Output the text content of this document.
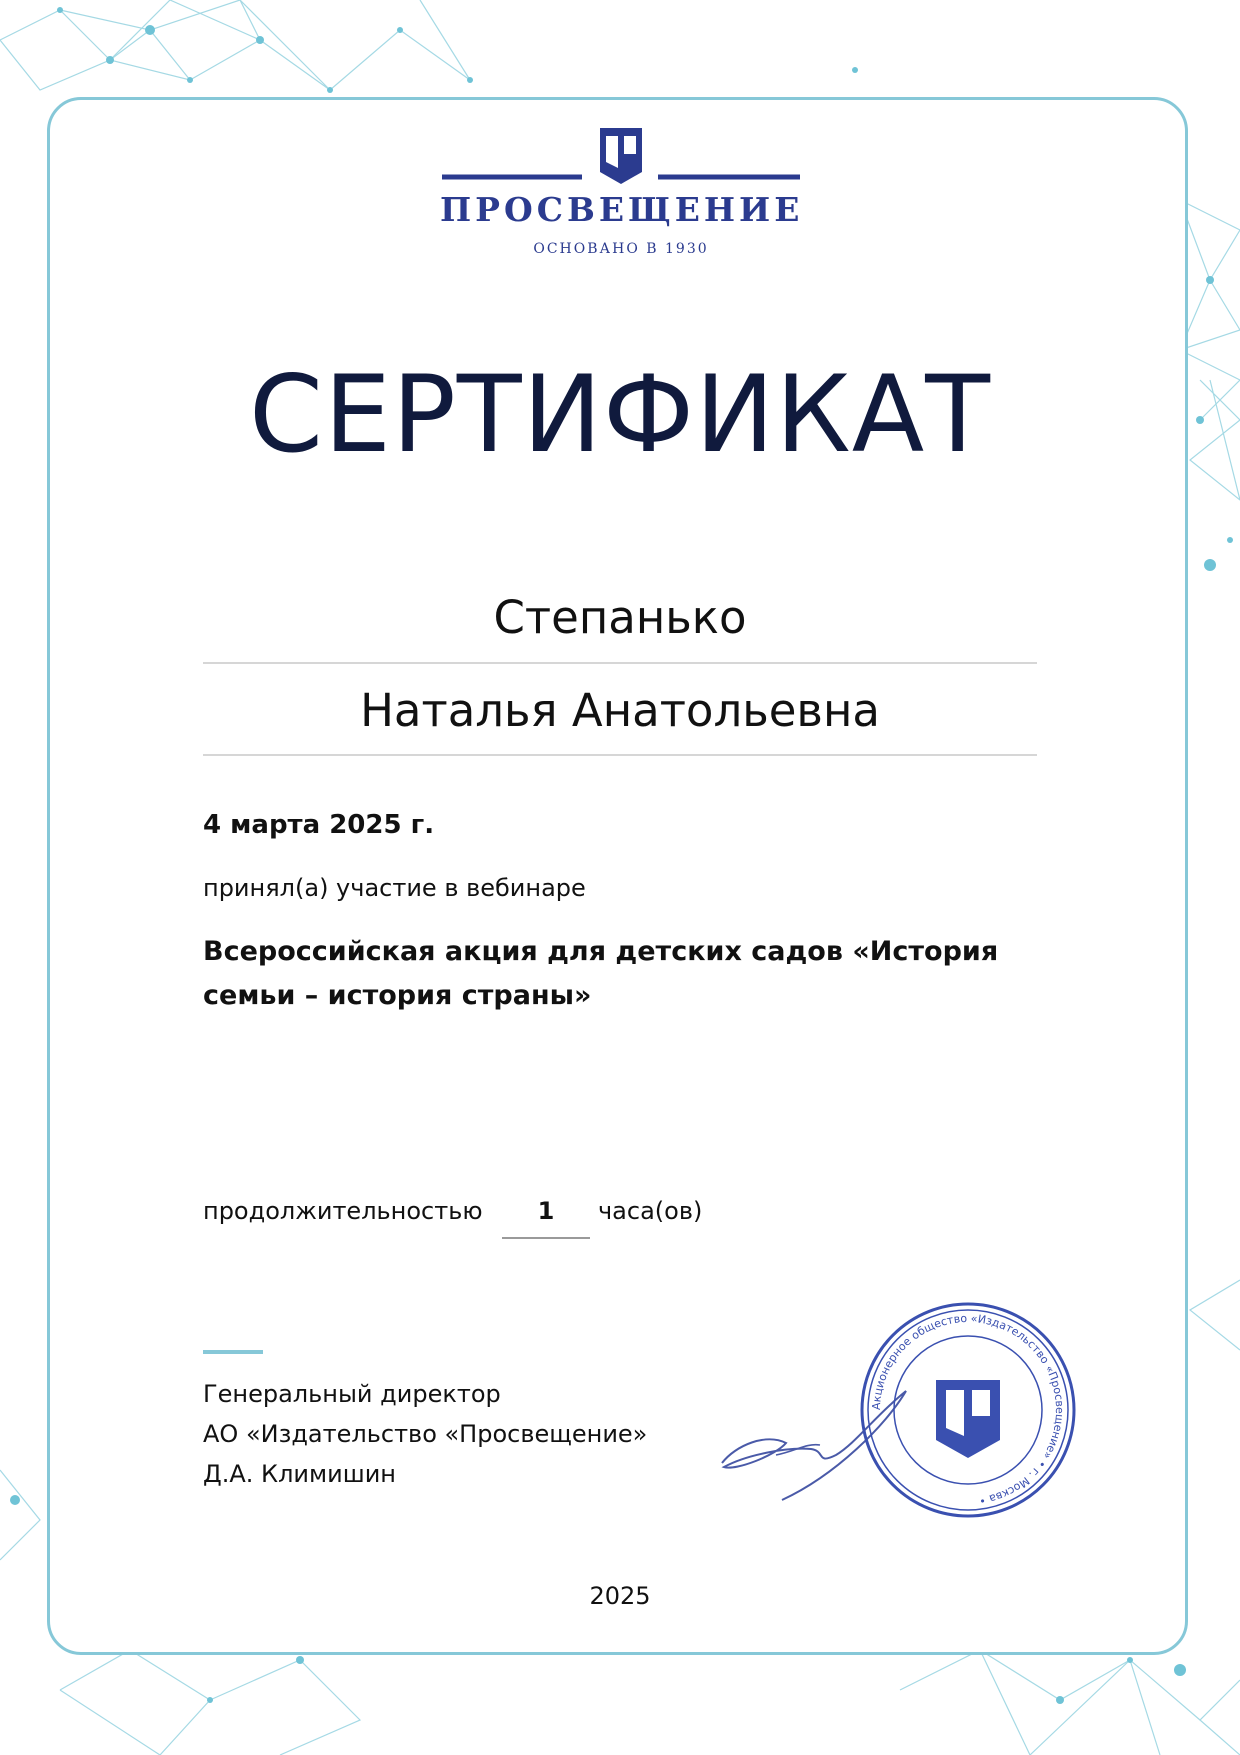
ПРОСВЕЩЕНИЕ
ОСНОВАНО В 1930
СЕРТИФИКАТ
Степанько
Наталья Анатольевна
4 марта 2025 г.
принял(а) участие в вебинаре
Всероссийская акция для детских садов «История семьи – история страны»
продолжительностью	1	часа(ов)
Генеральный директор
АО «Издательство «Просвещение»
Д.А. Климишин
Акционерное общество «Издательство «Просвещение» • г. Москва •
2025
